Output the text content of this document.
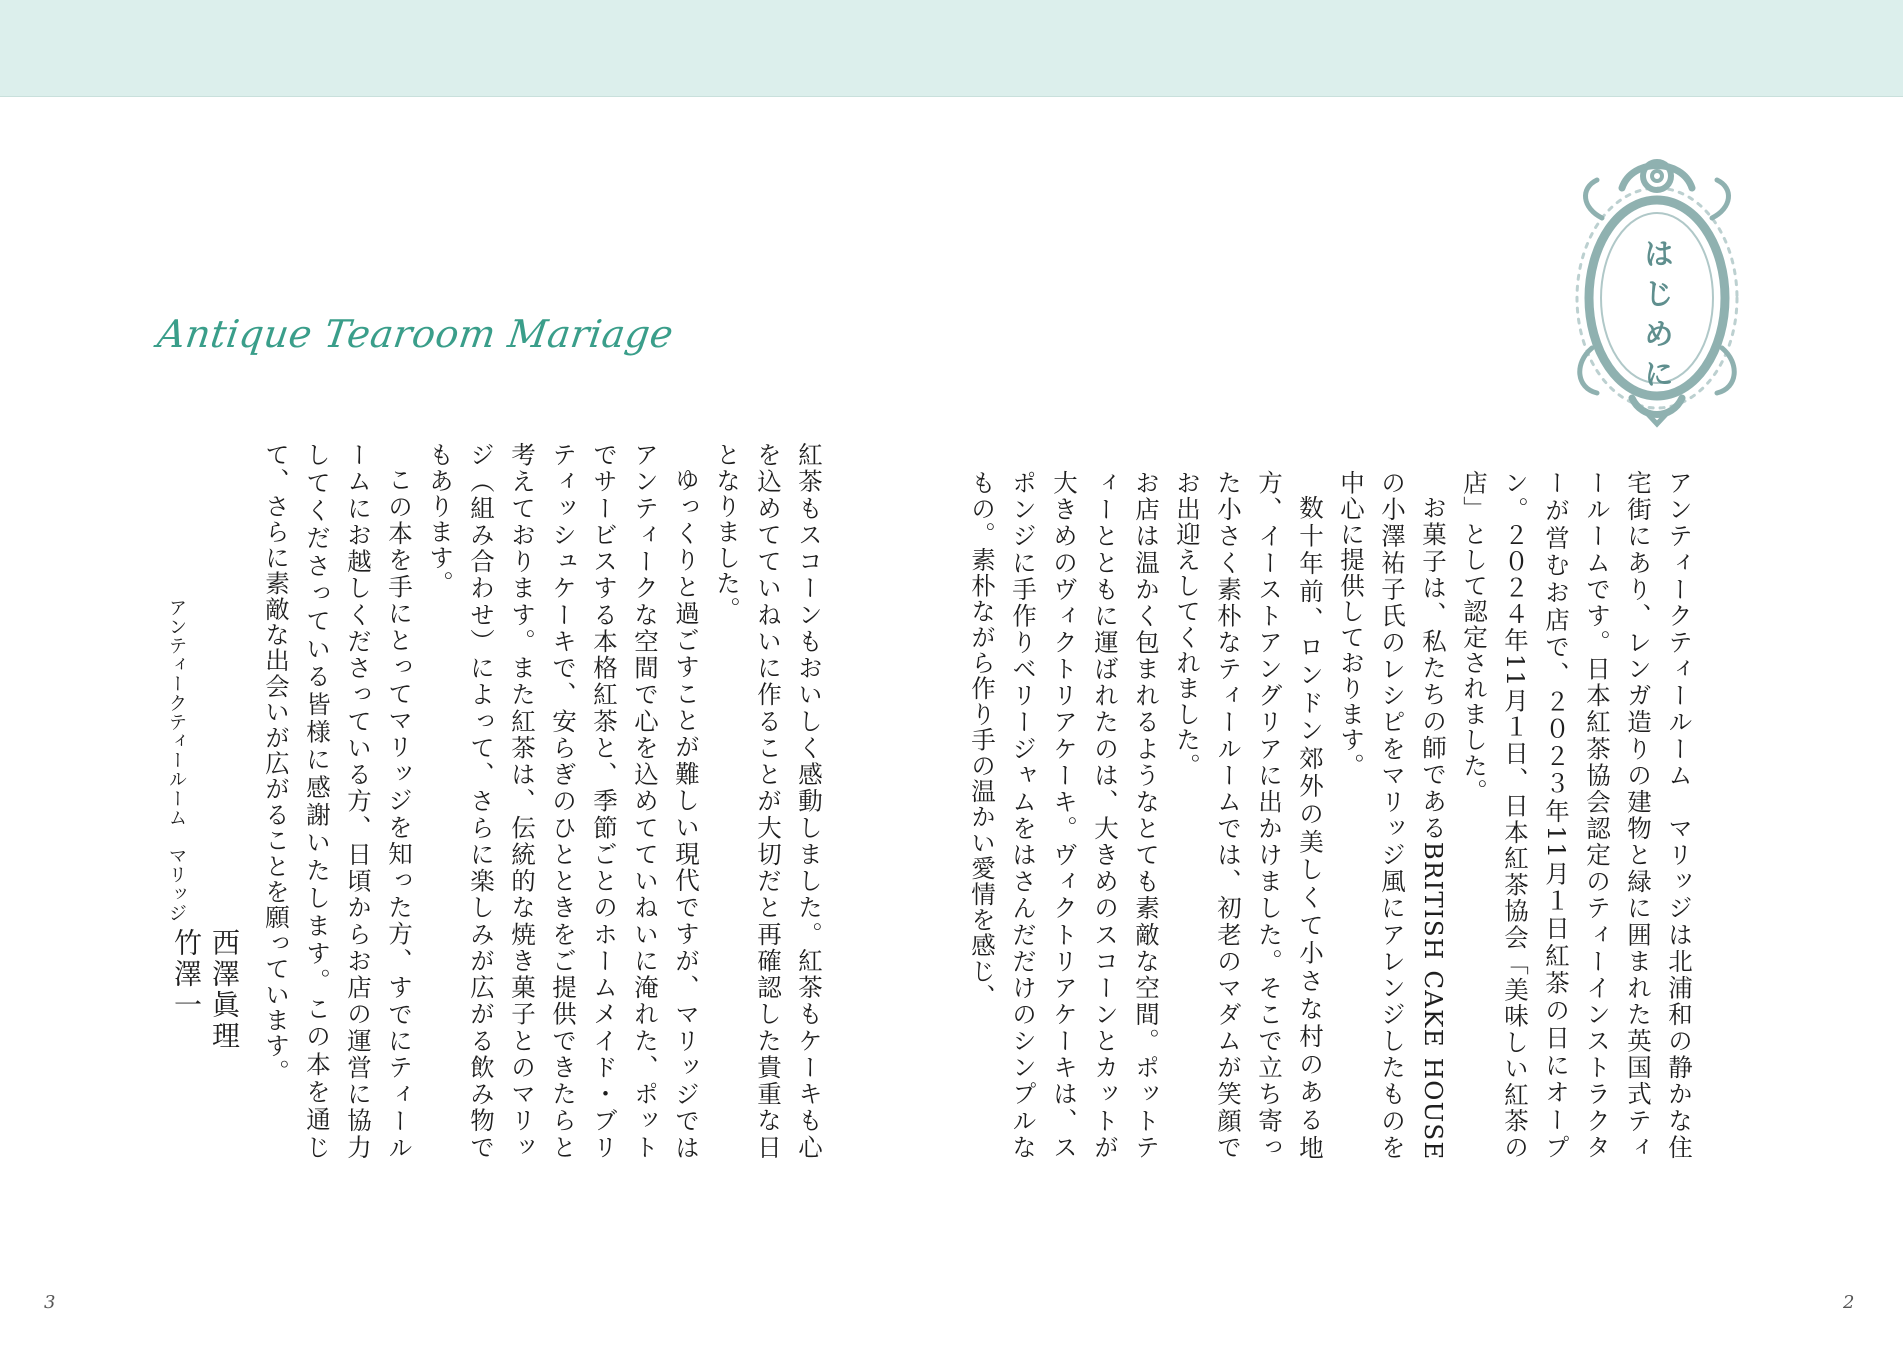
Antique Tearoom Mariage	はじめに

アンティークティールーム　マリッジは北浦和の静かな住宅街にあり、レンガ造りの建物と緑に囲まれた英国式ティールームです。日本紅茶協会認定のティーインストラクターが営むお店で、２０２３年11月１日紅茶の日にオープン。２０２４年11月１日、日本紅茶協会「美味しい紅茶の店」として認定されました。

お菓子は、私たちの師であるBRITISH CAKE HOUSEの小澤祐子氏のレシピをマリッジ風にアレンジしたものを中心に提供しております。

数十年前、ロンドン郊外の美しくて小さな村のある地方、イーストアングリアに出かけました。そこで立ち寄った小さく素朴なティールームでは、初老のマダムが笑顔でお出迎えしてくれました。

お店は温かく包まれるようなとても素敵な空間。ポットティーとともに運ばれたのは、大きめのスコーンとカットが大きめのヴィクトリアケーキ。ヴィクトリアケーキは、スポンジに手作りベリージャムをはさんだだけのシンプルなもの。素朴ながら作り手の温かい愛情を感じ、

紅茶もスコーンもおいしく感動しました。紅茶もケーキも心を込めてていねいに作ることが大切だと再確認した貴重な日となりました。

ゆっくりと過ごすことが難しい現代ですが、マリッジではアンティークな空間で心を込めてていねいに淹れた、ポットでサービスする本格紅茶と、季節ごとのホームメイド・ブリティッシュケーキで、安らぎのひとときをご提供できたらと考えております。また紅茶は、伝統的な焼き菓子とのマリッジ（組み合わせ）によって、さらに楽しみが広がる飲み物でもあります。

この本を手にとってマリッジを知った方、すでにティールームにお越しくださっている方、日頃からお店の運営に協力してくださっている皆様に感謝いたします。この本を通じて、さらに素敵な出会いが広がることを願っています。

アンティークティールーム　マリッジ
西澤眞理
竹澤一
3	2
